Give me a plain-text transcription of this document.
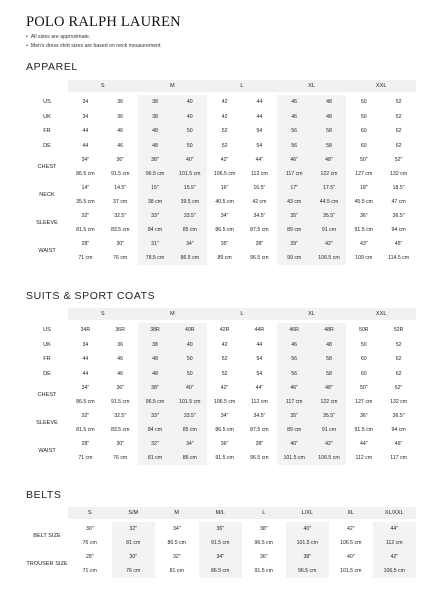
POLO RALPH LAUREN
• All sizes are approximate.
• Men's dress shirt sizes are based on neck measurement.
APPAREL
	S		M		L		XL		XXL	

US	34	36	38	40	42	44	46	48	50	52
UK	34	36	38	40	42	44	46	48	50	52
FR	44	46	48	50	52	54	56	58	60	62
DE	44	46	48	50	52	54	56	58	60	62
CHEST	34"	36"	38"	40"	42"	44"	46"	48"	50"	52"
	86.5 cm	91.5 cm	96.5 cm	101.5 cm	106.5 cm	112 cm	117 cm	122 cm	127 cm	132 cm
NECK	14"	14.5"	15"	15.5"	16"	16.5"	17"	17.5"	18"	18.5"
	35.5 cm	37 cm	38 cm	39.5 cm	40.5 cm	42 cm	43 cm	44.5 cm	45.5 cm	47 cm
SLEEVE	32"	32.5"	33"	33.5"	34"	34.5"	35"	35.5"	36"	36.5"
	81.5 cm	83.5 cm	84 cm	85 cm	86.5 cm	87.5 cm	89 cm	91 cm	91.5 cm	94 cm
WAIST	28"	30"	31"	34"	35"	38"	39"	42"	43"	45"
	71 cm	76 cm	78.5 cm	86.5 cm	89 cm	96.5 cm	99 cm	106.5 cm	109 cm	114.5 cm
SUITS & SPORT COATS
	S		M		L		XL		XXL	

US	34R	36R	38R	40R	42R	44R	46R	48R	50R	52R
UK	34	36	38	40	42	44	46	48	50	52
FR	44	46	48	50	52	54	56	58	60	62
DE	44	46	48	50	52	54	56	58	60	62
CHEST	34"	36"	38"	40"	42"	44"	46"	48"	50"	52"
	86.5 cm	91.5 cm	96.5 cm	101.5 cm	106.5 cm	112 cm	117 cm	122 cm	127 cm	132 cm
SLEEVE	32"	32.5"	33"	33.5"	34"	34.5"	35"	35.5"	36"	36.5"
	81.5 cm	83.5 cm	84 cm	85 cm	86.5 cm	87.5 cm	89 cm	91 cm	91.5 cm	94 cm
WAIST	28"	30"	32"	34"	36"	38"	40"	42"	44"	46"
	71 cm	76 cm	81 cm	86 cm	91.5 cm	96.5 cm	101.5 cm	106.5 cm	112 cm	117 cm
BELTS
	S	S/M	M	M/L	L	L/XL	XL	XL/XXL

BELT SIZE	30"	32"	34"	36"	38"	40"	42"	44"
	76 cm	81 cm	86.5 cm	91.5 cm	96.5 cm	101.5 cm	106.5 cm	112 cm
TROUSER SIZE	28"	30"	32"	34"	36"	38"	40"	42"
	71 cm	76 cm	81 cm	86.5 cm	91.5 cm	96.5 cm	101.5 cm	106.5 cm
